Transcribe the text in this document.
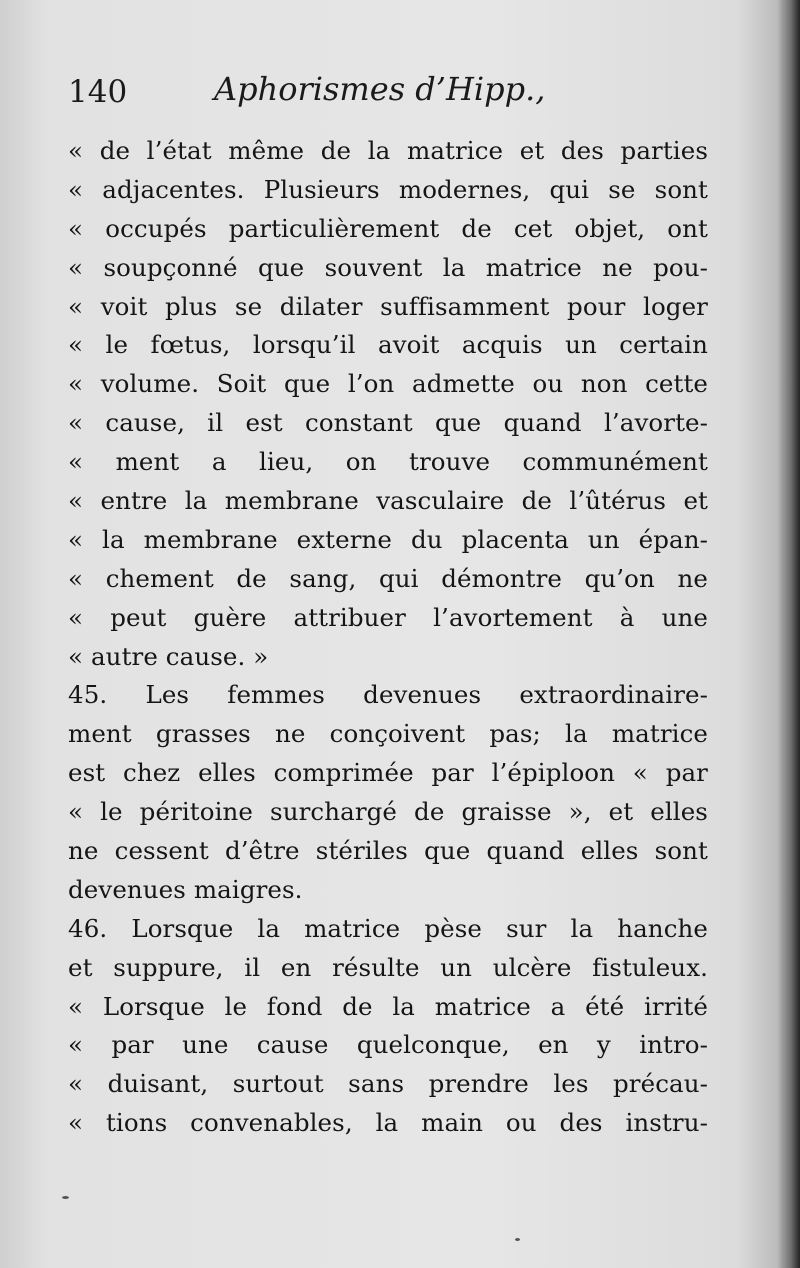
140	Aphorismes d’Hipp.,
« de l’état même de la matrice et des parties
« adjacentes. Plusieurs modernes, qui se sont
« occupés particulièrement de cet objet, ont
« soupçonné que souvent la matrice ne pou-
« voit plus se dilater suffisamment pour loger
« le fœtus, lorsqu’il avoit acquis un certain
« volume. Soit que l’on admette ou non cette
« cause, il est constant que quand l’avorte-
« ment a lieu, on trouve communément
« entre la membrane vasculaire de l’ûtérus et
« la membrane externe du placenta un épan-
« chement de sang, qui démontre qu’on ne
« peut guère attribuer l’avortement à une
« autre cause. »
45. Les femmes devenues extraordinaire-
ment grasses ne conçoivent pas; la matrice
est chez elles comprimée par l’épiploon « par
« le péritoine surchargé de graisse », et elles
ne cessent d’être stériles que quand elles sont
devenues maigres.
46. Lorsque la matrice pèse sur la hanche
et suppure, il en résulte un ulcère fistuleux.
« Lorsque le fond de la matrice a été irrité
« par une cause quelconque, en y intro-
« duisant, surtout sans prendre les précau-
« tions convenables, la main ou des instru-
